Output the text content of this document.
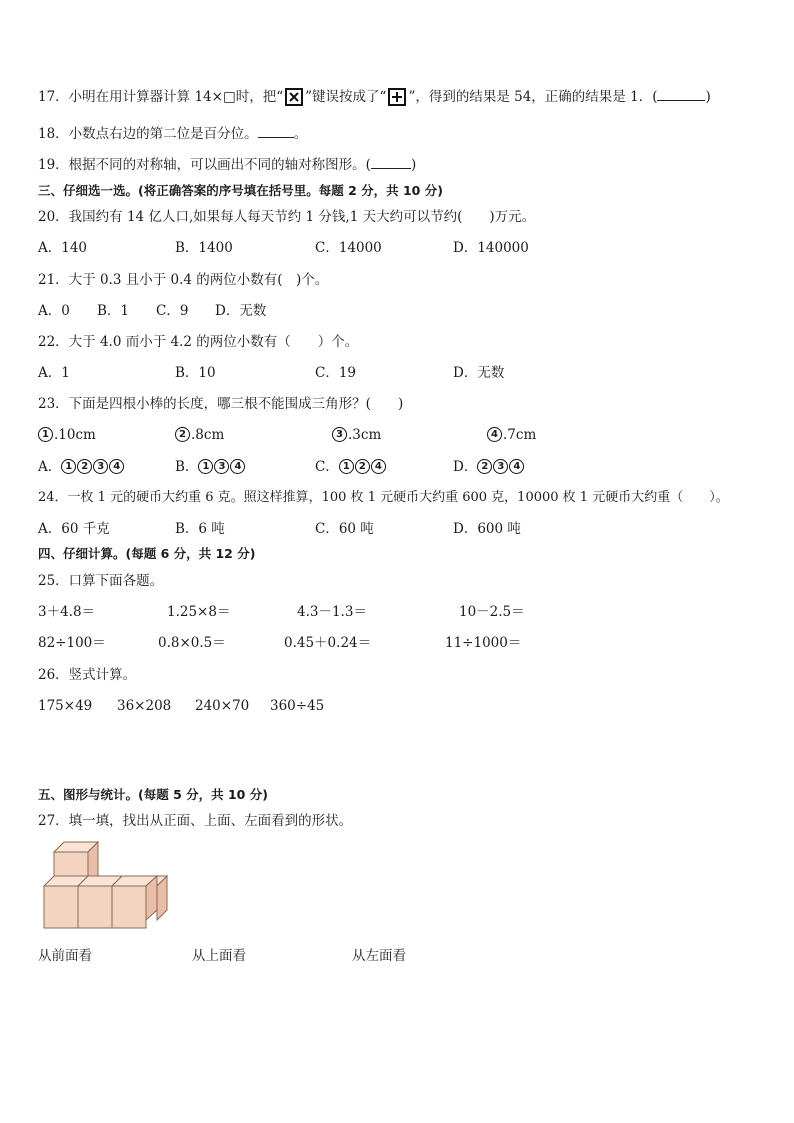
17．小明在用计算器计算 14×□时，把“ ”键误按成了“ ”，得到的结果是 54，正确的结果是 1．(	)
18．小数点右边的第二位是百分位。	。
19．根据不同的对称轴，可以画出不同的轴对称图形。(	)
三、仔细选一选。(将正确答案的序号填在括号里。每题 2 分，共 10 分)
20．我国约有 14 亿人口,如果每人每天节约 1 分钱,1 天大约可以节约(　　)万元。
A．140	B．1400	C．14000	D．140000
21．大于 0.3 且小于 0.4 的两位小数有(　)个。
A．0 B．1 C．9 D．无数
22．大于 4.0 而小于 4.2 的两位小数有（　　）个。
A．1	B．10	C．19	D．无数
23．下面是四根小棒的长度，哪三根不能围成三角形？(　　)
1 .10cm	2 .8cm	3 .3cm	4 .7cm
A． 1 2 3 4	B． 1 3 4	C． 1 2 4	D． 2 3 4
24．一枚 1 元的硬币大约重 6 克。照这样推算，100 枚 1 元硬币大约重 600 克，10000 枚 1 元硬币大约重（　　）。
A．60 千克	B．6 吨	C．60 吨	D．600 吨
四、仔细计算。(每题 6 分，共 12 分)
25．口算下面各题。
3＋4.8＝	1.25×8＝	4.3－1.3＝	10－2.5＝
82÷100＝	0.8×0.5＝	0.45＋0.24＝	11÷1000＝
26．竖式计算。
175×49 36×208 240×70 360÷45
五、图形与统计。(每题 5 分，共 10 分)
27．填一填，找出从正面、上面、左面看到的形状。
从前面看	从上面看	从左面看
